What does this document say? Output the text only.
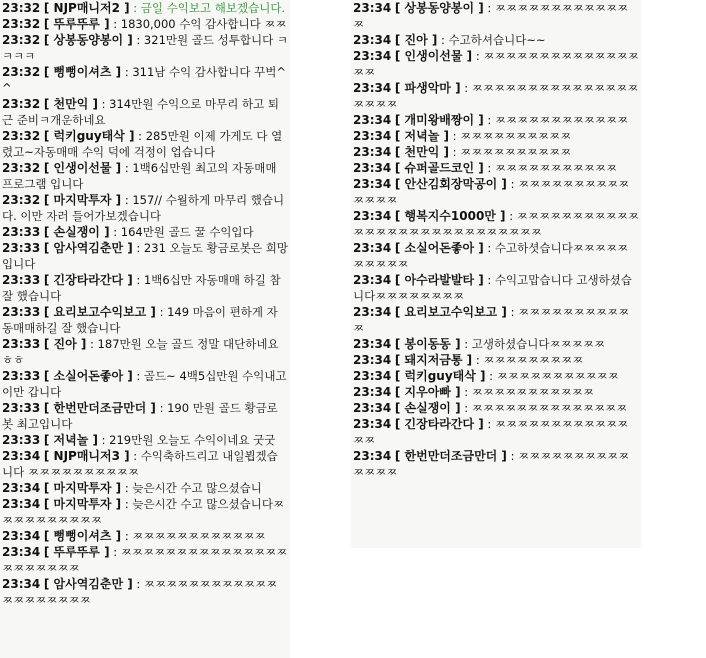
23:32 [ NJP매니저2 ] : 금일 수익보고 해보겠습니다.

23:32 [ 뚜루뚜루 ] : 1830,000 수익 감사합니다 ㅉㅉ

23:32 [ 상봉동양봉이 ] : 321만원 골드 성투합니다 ㅋㅋㅋㅋ

23:32 [ 뻥뻥이셔츠 ] : 311남 수익 감사합니다 꾸벅^^

23:32 [ 천만익 ] : 314만원 수익으로 마무리 하고 퇴근 준비ㅋ개운하네요

23:32 [ 럭키guy태삭 ] : 285만원 이제 가게도 다 열렸고~자동매매 수익 덕에 걱정이 업습니다

23:32 [ 인생이선물 ] : 1백6십만원 최고의 자동매매 프로그램 입니다

23:32 [ 마지막투자 ] : 157// 수월하게 마무리 했습니다. 이만 자러 들어가보겠습니다

23:33 [ 손실쟁이 ] : 164만원 골드 꿀 수익입다

23:33 [ 암사역김춘만 ] : 231 오늘도 황금로봇은 희망입니다

23:33 [ 긴장타라간다 ] : 1백6십만 자동매매 하길 참 잘 했습니다

23:33 [ 요리보고수익보고 ] : 149 마음이 편하게 자동매매하길 잘 했습니다

23:33 [ 진아 ] : 187만원 오늘 골드 정말 대단하네요ㅎㅎ

23:33 [ 소실어돈좋아 ] : 골드~ 4백5십만원 수익내고 이만 갑니다

23:33 [ 한번만더조금만더 ] : 190 만원 골드 황금로봇 최고입니다

23:33 [ 저녁놀 ] : 219만원 오늘도 수익이네요 굿굿

23:34 [ NJP매니저3 ] : 수익축하드리고 내일뵙겠습니다 ㅉㅉㅉㅉㅉㅉㅉㅉㅉㅉ

23:34 [ 마지막투자 ] : 늦은시간 수고 많으셨습니

23:34 [ 마지막투자 ] : 늦은시간 수고 많으셨습니다ㅉㅉㅉㅉㅉㅉㅉㅉㅉㅉ

23:34 [ 뻥뻥이셔츠 ] : ㅉㅉㅉㅉㅉㅉㅉㅉㅉㅉㅉㅉ

23:34 [ 뚜루뚜루 ] : ㅉㅉㅉㅉㅉㅉㅉㅉㅉㅉㅉㅉㅉㅉㅉㅉㅉㅉㅉㅉㅉㅉ

23:34 [ 암사역김춘만 ] : ㅉㅉㅉㅉㅉㅉㅉㅉㅉㅉㅉㅉㅉㅉㅉㅉㅉㅉㅉㅉ

23:34 [ 상봉동양봉이 ] : ㅉㅉㅉㅉㅉㅉㅉㅉㅉㅉㅉㅉㅉ

23:34 [ 진아 ] : 수고하셔습니다~~

23:34 [ 인생이선물 ] : ㅉㅉㅉㅉㅉㅉㅉㅉㅉㅉㅉㅉㅉㅉㅉㅉ

23:34 [ 파생악마 ] : ㅉㅉㅉㅉㅉㅉㅉㅉㅉㅉㅉㅉㅉㅉㅉㅉㅉㅉㅉ

23:34 [ 개미왕배짱이 ] : ㅉㅉㅉㅉㅉㅉㅉㅉㅉㅉㅉㅉ

23:34 [ 저녁놀 ] : ㅉㅉㅉㅉㅉㅉㅉㅉㅉㅉ

23:34 [ 천만익 ] : ㅉㅉㅉㅉㅉㅉㅉㅉㅉㅉ

23:34 [ 슈퍼골드코인 ] : ㅉㅉㅉㅉㅉㅉㅉㅉㅉㅉㅉ

23:34 [ 안산김회장막공이 ] : ㅉㅉㅉㅉㅉㅉㅉㅉㅉㅉㅉㅉㅉㅉ

23:34 [ 행복지수1000만 ] : ㅉㅉㅉㅉㅉㅉㅉㅉㅉㅉㅉㅉㅉㅉㅉㅉㅉㅉㅉㅉㅉㅉㅉㅉㅉㅉㅉㅉ

23:34 [ 소실어돈좋아 ] : 수고하셧습니다ㅉㅉㅉㅉㅉㅉㅉㅉㅉㅉ

23:34 [ 아수라발발타 ] : 수익고맙습니다 고생하셨습니다ㅉㅉㅉㅉㅉㅉㅉㅉ

23:34 [ 요리보고수익보고 ] : ㅉㅉㅉㅉㅉㅉㅉㅉㅉㅉㅉ

23:34 [ 봉이동동 ] : 고생하셨습니다ㅉㅉㅉㅉㅉ

23:34 [ 돼지저금통 ] : ㅉㅉㅉㅉㅉㅉㅉㅉㅉ

23:34 [ 럭키guy태삭 ] : ㅉㅉㅉㅉㅉㅉㅉㅉㅉㅉㅉ

23:34 [ 지우아빠 ] : ㅉㅉㅉㅉㅉㅉㅉㅉㅉㅉㅉ

23:34 [ 손실쟁이 ] : ㅉㅉㅉㅉㅉㅉㅉㅉㅉㅉㅉㅉㅉㅉ

23:34 [ 긴장타라간다 ] : ㅉㅉㅉㅉㅉㅉㅉㅉㅉㅉㅉㅉㅉㅉ

23:34 [ 한번만더조금만더 ] : ㅉㅉㅉㅉㅉㅉㅉㅉㅉㅉㅉㅉㅉㅉ
